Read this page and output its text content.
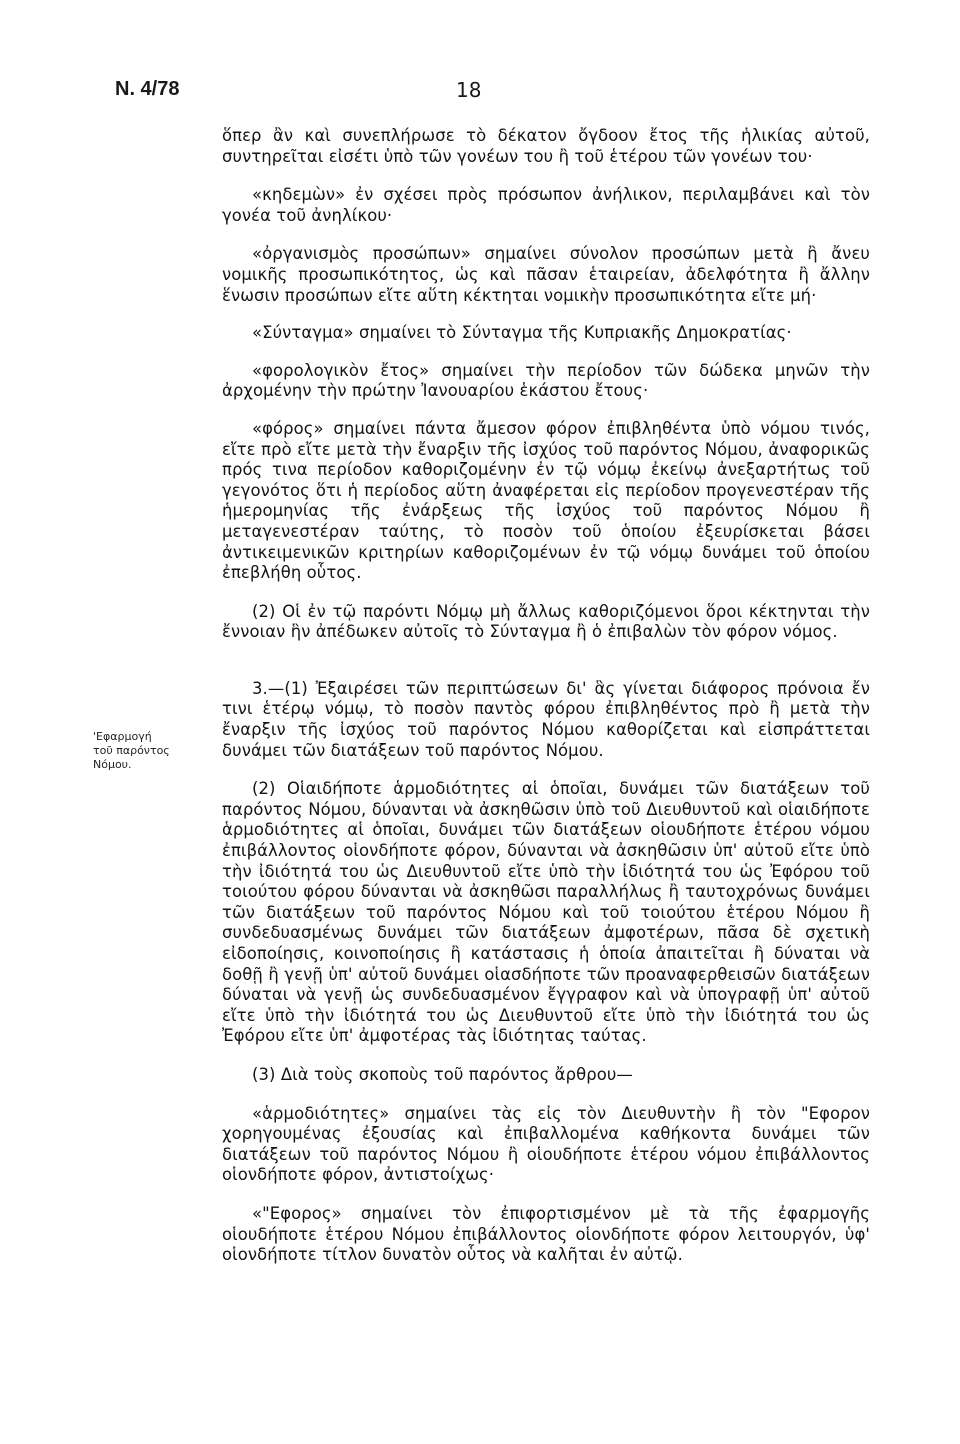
N. 4/78	18
'Εφαρμογή
τοῦ παρόντος
Νόμου.

ὅπερ ἂν καὶ συνεπλήρωσε τὸ δέκατον ὄγδοον ἔτος τῆς ἡλικίας αὐτοῦ, συντηρεῖται εἰσέτι ὑπὸ τῶν γονέων του ἢ τοῦ ἑτέρου τῶν γονέων του·

«κηδεμὼν» ἐν σχέσει πρὸς πρόσωπον ἀνήλικον, περιλαμβάνει καὶ τὸν γονέα τοῦ ἀνηλίκου·

«ὀργανισμὸς προσώπων» σημαίνει σύνολον προσώπων μετὰ ἢ ἄνευ νομικῆς προσωπικότητος, ὡς καὶ πᾶσαν ἑταιρείαν, ἀδελφότητα ἢ ἄλλην ἕνωσιν προσώπων εἴτε αὕτη κέκτηται νομικὴν προσωπικότητα εἴτε μή·

«Σύνταγμα» σημαίνει τὸ Σύνταγμα τῆς Κυπριακῆς Δημοκρατίας·

«φορολογικὸν ἔτος» σημαίνει τὴν περίοδον τῶν δώδεκα μηνῶν τὴν ἀρχομένην τὴν πρώτην Ἰανουαρίου ἑκάστου ἔτους·

«φόρος» σημαίνει πάντα ἄμεσον φόρον ἐπιβληθέντα ὑπὸ νόμου τινός, εἴτε πρὸ εἴτε μετὰ τὴν ἔναρξιν τῆς ἰσχύος τοῦ παρόντος Νόμου, ἀναφορικῶς πρός τινα περίοδον καθοριζομένην ἐν τῷ νόμῳ ἐκείνῳ ἀνεξαρτήτως τοῦ γεγονότος ὅτι ἡ περίοδος αὕτη ἀναφέρεται εἰς περίοδον προγενεστέραν τῆς ἡμερομηνίας τῆς ἐνάρξεως τῆς ἰσχύος τοῦ παρόντος Νόμου ἢ μεταγενεστέραν ταύτης, τὸ ποσὸν τοῦ ὁποίου ἐξευρίσκεται βάσει ἀντικειμενικῶν κριτηρίων καθοριζομένων ἐν τῷ νόμῳ δυνάμει τοῦ ὁποίου ἐπεβλήθη οὗτος.

(2) Οἱ ἐν τῷ παρόντι Νόμῳ μὴ ἄλλως καθοριζόμενοι ὅροι κέκτηνται τὴν ἔννοιαν ἣν ἀπέδωκεν αὐτοῖς τὸ Σύνταγμα ἢ ὁ ἐπιβαλὼν τὸν φόρον νόμος.

3.—(1) Ἐξαιρέσει τῶν περιπτώσεων δι' ἃς γίνεται διάφορος πρόνοια ἔν τινι ἑτέρῳ νόμῳ, τὸ ποσὸν παντὸς φόρου ἐπιβληθέντος πρὸ ἢ μετὰ τὴν ἔναρξιν τῆς ἰσχύος τοῦ παρόντος Νόμου καθορίζεται καὶ εἰσπράττεται δυνάμει τῶν διατάξεων τοῦ παρόντος Νόμου.

(2) Οἱαιδήποτε ἁρμοδιότητες αἱ ὁποῖαι, δυνάμει τῶν διατάξεων τοῦ παρόντος Νόμου, δύνανται νὰ ἀσκηθῶσιν ὑπὸ τοῦ Διευθυντοῦ καὶ οἱαιδήποτε ἁρμοδιότητες αἱ ὁποῖαι, δυνάμει τῶν διατάξεων οἱουδήποτε ἑτέρου νόμου ἐπιβάλλοντος οἱονδήποτε φόρον, δύνανται νὰ ἀσκηθῶσιν ὑπ' αὐτοῦ εἴτε ὑπὸ τὴν ἰδιότητά του ὡς Διευθυντοῦ εἴτε ὑπὸ τὴν ἰδιότητά του ὡς Ἐφόρου τοῦ τοιούτου φόρου δύνανται νὰ ἀσκηθῶσι παραλλήλως ἢ ταυτοχρόνως δυνάμει τῶν διατάξεων τοῦ παρόντος Νόμου καὶ τοῦ τοιούτου ἑτέρου Νόμου ἢ συνδεδυασμένως δυνάμει τῶν διατάξεων ἀμφοτέρων, πᾶσα δὲ σχετικὴ εἰδοποίησις, κοινοποίησις ἢ κατάστασις ἡ ὁποία ἀπαιτεῖται ἢ δύναται νὰ δοθῇ ἢ γενῇ ὑπ' αὐτοῦ δυνάμει οἱασδήποτε τῶν προαναφερθεισῶν διατάξεων δύναται νὰ γενῇ ὡς συνδεδυασμένον ἔγγραφον καὶ νὰ ὑπογραφῇ ὑπ' αὐτοῦ εἴτε ὑπὸ τὴν ἰδιότητά του ὡς Διευθυντοῦ εἴτε ὑπὸ τὴν ἰδιότητά του ὡς Ἐφόρου εἴτε ὑπ' ἀμφοτέρας τὰς ἰδιότητας ταύτας.

(3) Διὰ τοὺς σκοποὺς τοῦ παρόντος ἄρθρου—

«ἁρμοδιότητες» σημαίνει τὰς εἰς τὸν Διευθυντὴν ἢ τὸν "Εφορον χορηγουμένας ἐξουσίας καὶ ἐπιβαλλομένα καθήκοντα δυνάμει τῶν διατάξεων τοῦ παρόντος Νόμου ἢ οἱουδήποτε ἑτέρου νόμου ἐπιβάλλοντος οἱονδήποτε φόρον, ἀντιστοίχως·

«"Εφορος» σημαίνει τὸν ἐπιφορτισμένον μὲ τὰ τῆς ἐφαρμογῆς οἱουδήποτε ἑτέρου Νόμου ἐπιβάλλοντος οἱονδήποτε φόρον λειτουργόν, ὑφ' οἱονδήποτε τίτλον δυνατὸν οὗτος νὰ καλῆται ἐν αὐτῷ.
